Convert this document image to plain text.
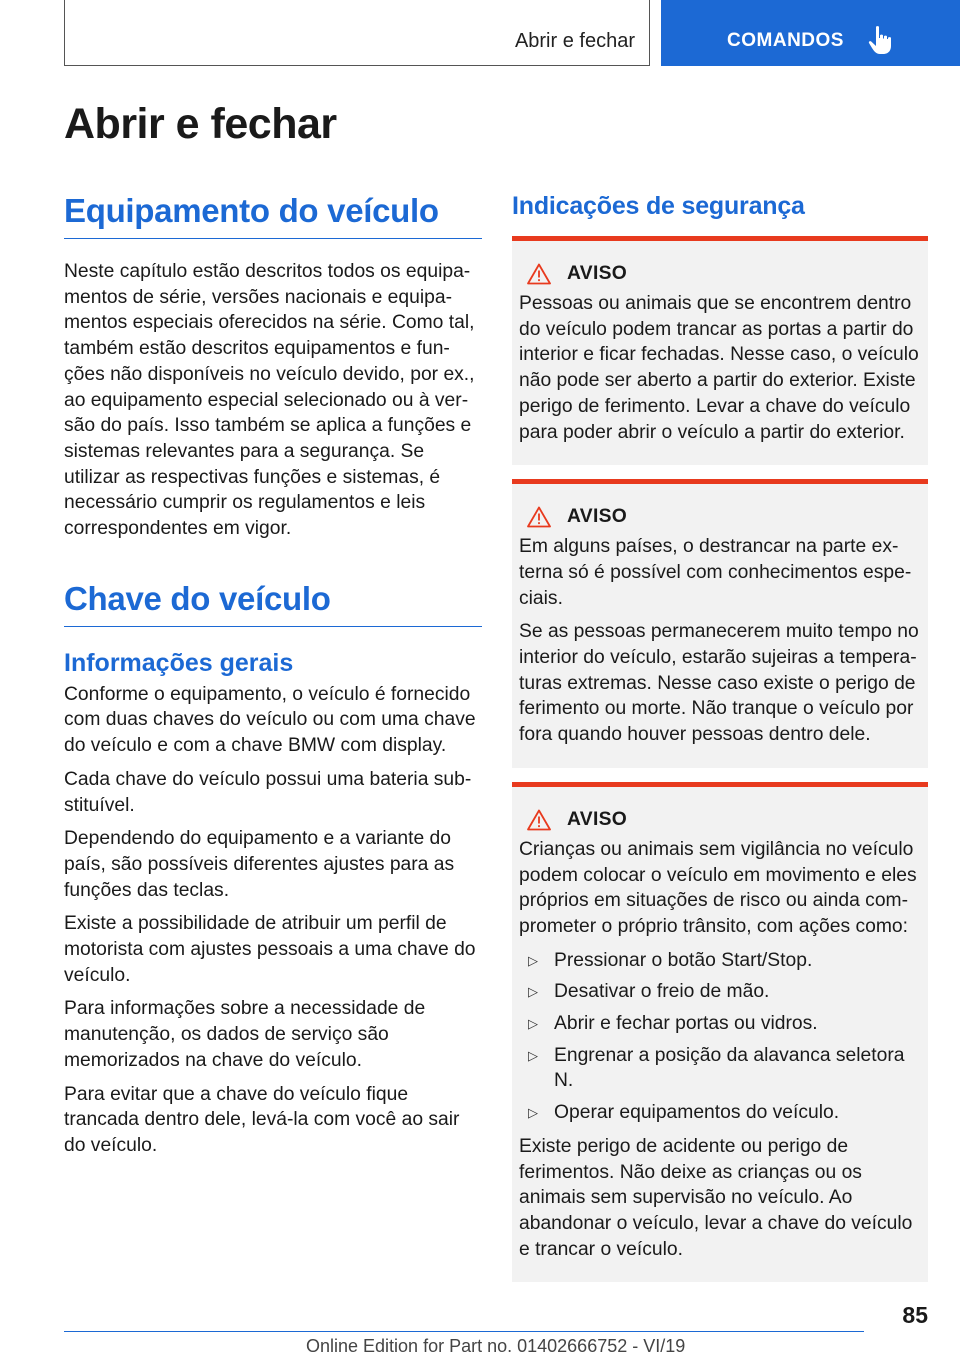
Abrir e fechar	COMANDOS
Abrir e fechar
Equipamento do veículo

Neste capítulo estão descritos todos os equipamentos de série, versões nacionais e equipamentos especiais oferecidos na série. Como tal, também estão descritos equipamentos e funções não disponíveis no veículo devido, por ex., ao equipamento especial selecionado ou à versão do país. Isso também se aplica a funções e sistemas relevantes para a segurança. Se utilizar as respectivas funções e sistemas, é necessário cumprir os regulamentos e leis correspondentes em vigor.

Chave do veículo
Informações gerais

Conforme o equipamento, o veículo é fornecido com duas chaves do veículo ou com uma chave do veículo e com a chave BMW com display.

Cada chave do veículo possui uma bateria substituível.

Dependendo do equipamento e a variante do país, são possíveis diferentes ajustes para as funções das teclas.

Existe a possibilidade de atribuir um perfil de motorista com ajustes pessoais a uma chave do veículo.

Para informações sobre a necessidade de manutenção, os dados de serviço são memorizados na chave do veículo.

Para evitar que a chave do veículo fique trancada dentro dele, levá-la com você ao sair do veículo.

Indicações de segurança
AVISO

Pessoas ou animais que se encontrem dentro do veículo podem trancar as portas a partir do interior e ficar fechadas. Nesse caso, o veículo não pode ser aberto a partir do exterior. Existe perigo de ferimento. Levar a chave do veículo para poder abrir o veículo a partir do exterior.

AVISO

Em alguns países, o destrancar na parte externa só é possível com conhecimentos especiais.

Se as pessoas permanecerem muito tempo no interior do veículo, estarão sujeiras a temperaturas extremas. Nesse caso existe o perigo de ferimento ou morte. Não tranque o veículo por fora quando houver pessoas dentro dele.

AVISO

Crianças ou animais sem vigilância no veículo podem colocar o veículo em movimento e eles próprios em situações de risco ou ainda comprometer o próprio trânsito, com ações como:

▷ Pressionar o botão Start/Stop.
▷ Desativar o freio de mão.
▷ Abrir e fechar portas ou vidros.
▷ Engrenar a posição da alavanca seletora N.
▷ Operar equipamentos do veículo.

Existe perigo de acidente ou perigo de ferimentos. Não deixe as crianças ou os animais sem supervisão no veículo. Ao abandonar o veículo, levar a chave do veículo e trancar o veículo.

85
Online Edition for Part no. 01402666752 - VI/19
